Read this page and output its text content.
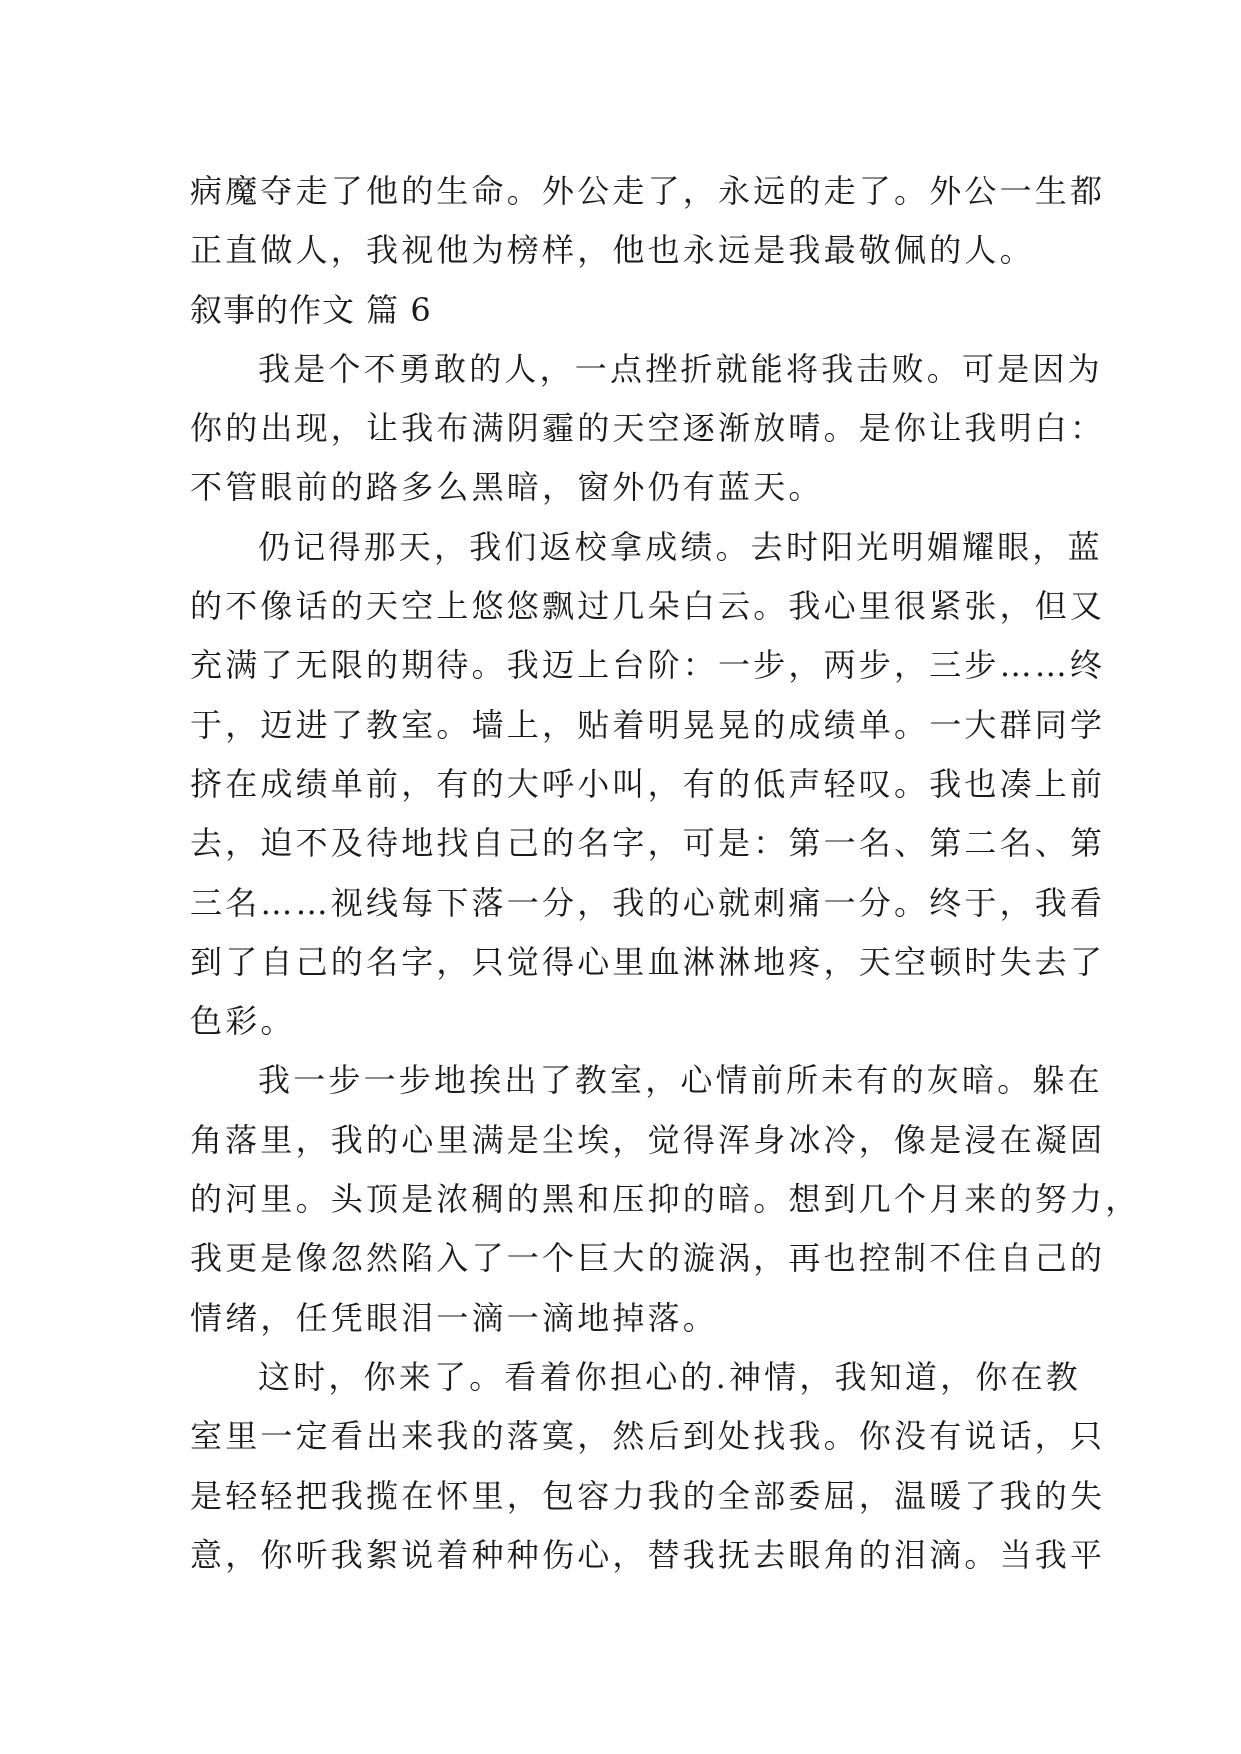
病魔夺走了他的生命。外公走了，永远的走了。外公一生都
正直做人，我视他为榜样，他也永远是我最敬佩的人。
叙事的作文 篇 6
我是个不勇敢的人，一点挫折就能将我击败。可是因为
你的出现，让我布满阴霾的天空逐渐放晴。是你让我明白：
不管眼前的路多么黑暗，窗外仍有蓝天。
仍记得那天，我们返校拿成绩。去时阳光明媚耀眼，蓝
的不像话的天空上悠悠飘过几朵白云。我心里很紧张，但又
充满了无限的期待。我迈上台阶：一步，两步，三步……终
于，迈进了教室。墙上，贴着明晃晃的成绩单。一大群同学
挤在成绩单前，有的大呼小叫，有的低声轻叹。我也凑上前
去，迫不及待地找自己的名字，可是：第一名、第二名、第
三名……视线每下落一分，我的心就刺痛一分。终于，我看
到了自己的名字，只觉得心里血淋淋地疼，天空顿时失去了
色彩。
我一步一步地挨出了教室，心情前所未有的灰暗。躲在
角落里，我的心里满是尘埃，觉得浑身冰冷，像是浸在凝固
的河里。头顶是浓稠的黑和压抑的暗。想到几个月来的努力，
我更是像忽然陷入了一个巨大的漩涡，再也控制不住自己的
情绪，任凭眼泪一滴一滴地掉落。
这时，你来了。看着你担心的.神情，我知道，你在教
室里一定看出来我的落寞，然后到处找我。你没有说话，只
是轻轻把我揽在怀里，包容力我的全部委屈，温暖了我的失
意，你听我絮说着种种伤心，替我抚去眼角的泪滴。当我平
